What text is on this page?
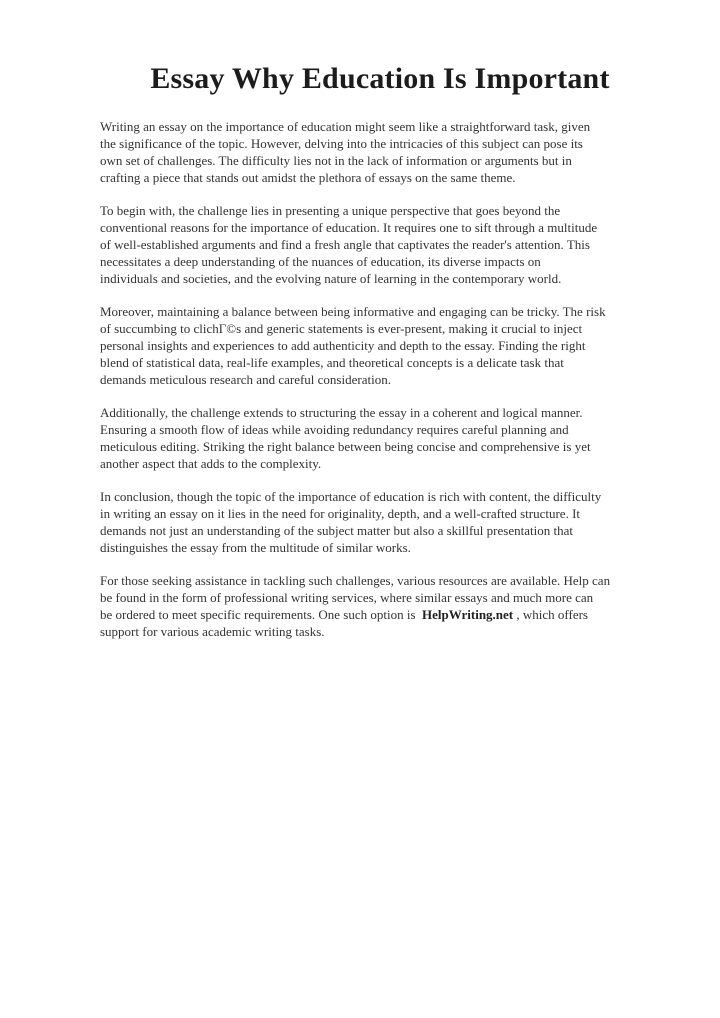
Essay Why Education Is Important
Writing an essay on the importance of education might seem like a straightforward task, given
the significance of the topic. However, delving into the intricacies of this subject can pose its
own set of challenges. The difficulty lies not in the lack of information or arguments but in
crafting a piece that stands out amidst the plethora of essays on the same theme.
To begin with, the challenge lies in presenting a unique perspective that goes beyond the
conventional reasons for the importance of education. It requires one to sift through a multitude
of well-established arguments and find a fresh angle that captivates the reader's attention. This
necessitates a deep understanding of the nuances of education, its diverse impacts on
individuals and societies, and the evolving nature of learning in the contemporary world.
Moreover, maintaining a balance between being informative and engaging can be tricky. The risk
of succumbing to clichГ©s and generic statements is ever-present, making it crucial to inject
personal insights and experiences to add authenticity and depth to the essay. Finding the right
blend of statistical data, real-life examples, and theoretical concepts is a delicate task that
demands meticulous research and careful consideration.
Additionally, the challenge extends to structuring the essay in a coherent and logical manner.
Ensuring a smooth flow of ideas while avoiding redundancy requires careful planning and
meticulous editing. Striking the right balance between being concise and comprehensive is yet
another aspect that adds to the complexity.
In conclusion, though the topic of the importance of education is rich with content, the difficulty
in writing an essay on it lies in the need for originality, depth, and a well-crafted structure. It
demands not just an understanding of the subject matter but also a skillful presentation that
distinguishes the essay from the multitude of similar works.
For those seeking assistance in tackling such challenges, various resources are available. Help can
be found in the form of professional writing services, where similar essays and much more can
be ordered to meet specific requirements. One such option is  HelpWriting.net , which offers
support for various academic writing tasks.
